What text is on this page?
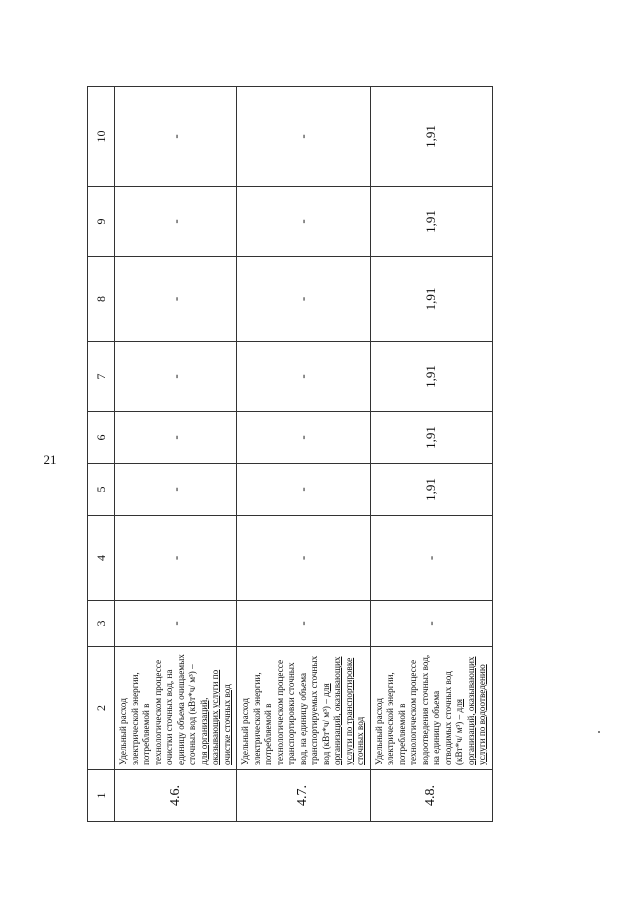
21
1	2	3	4	5	6	7	8	9	10
4.6.	Удельный расход электрической энергии, потребляемой в технологическом процессе очистки сточных вод, на единицу объема очищаемых сточных вод (кВт*ч/ м³) – для организаций, оказывающих услуги по очистке сточных вод	-	-	-	-	-	-	-	-
4.7.	Удельный расход электрической энергии, потребляемой в технологическом процессе транспортировки сточных вод, на единицу объема транспортируемых сточных вод (кВт*ч/ м³) – для организаций, оказывающих услуги по транспортировке сточных вод	-	-	-	-	-	-	-	-
4.8.	Удельный расход электрической энергии, потребляемой в технологическом процессе водоотведения сточных вод, на единицу объема отводимых сточных вод (кВт*ч/ м³) – для организаций, оказывающих услуги по водоотведению	-	-	1,91	1,91	1,91	1,91	1,91	1,91
